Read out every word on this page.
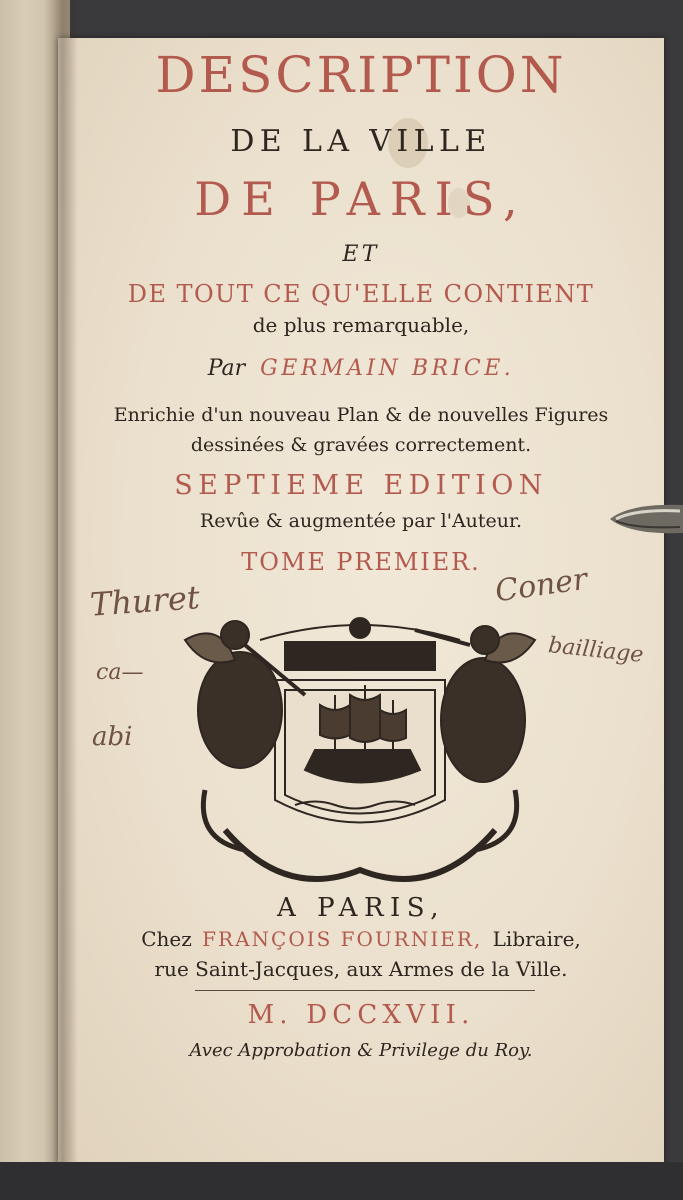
DESCRIPTION
DE LA VILLE
DE PARIS,
ET
DE TOUT CE QU'ELLE CONTIENT
de plus remarquable,
Par GERMAIN BRICE.
Enrichie d'un nouveau Plan & de nouvelles Figures
dessinées & gravées correctement.
SEPTIEME EDITION
Revûe & augmentée par l'Auteur.
TOME PREMIER.
A PARIS,
Chez FRANÇOIS FOURNIER, Libraire,
rue Saint-Jacques, aux Armes de la Ville.
M. DCCXVII.
Avec Approbation & Privilege du Roy.
Thuret
ca—
abi
Coner
bailliage
